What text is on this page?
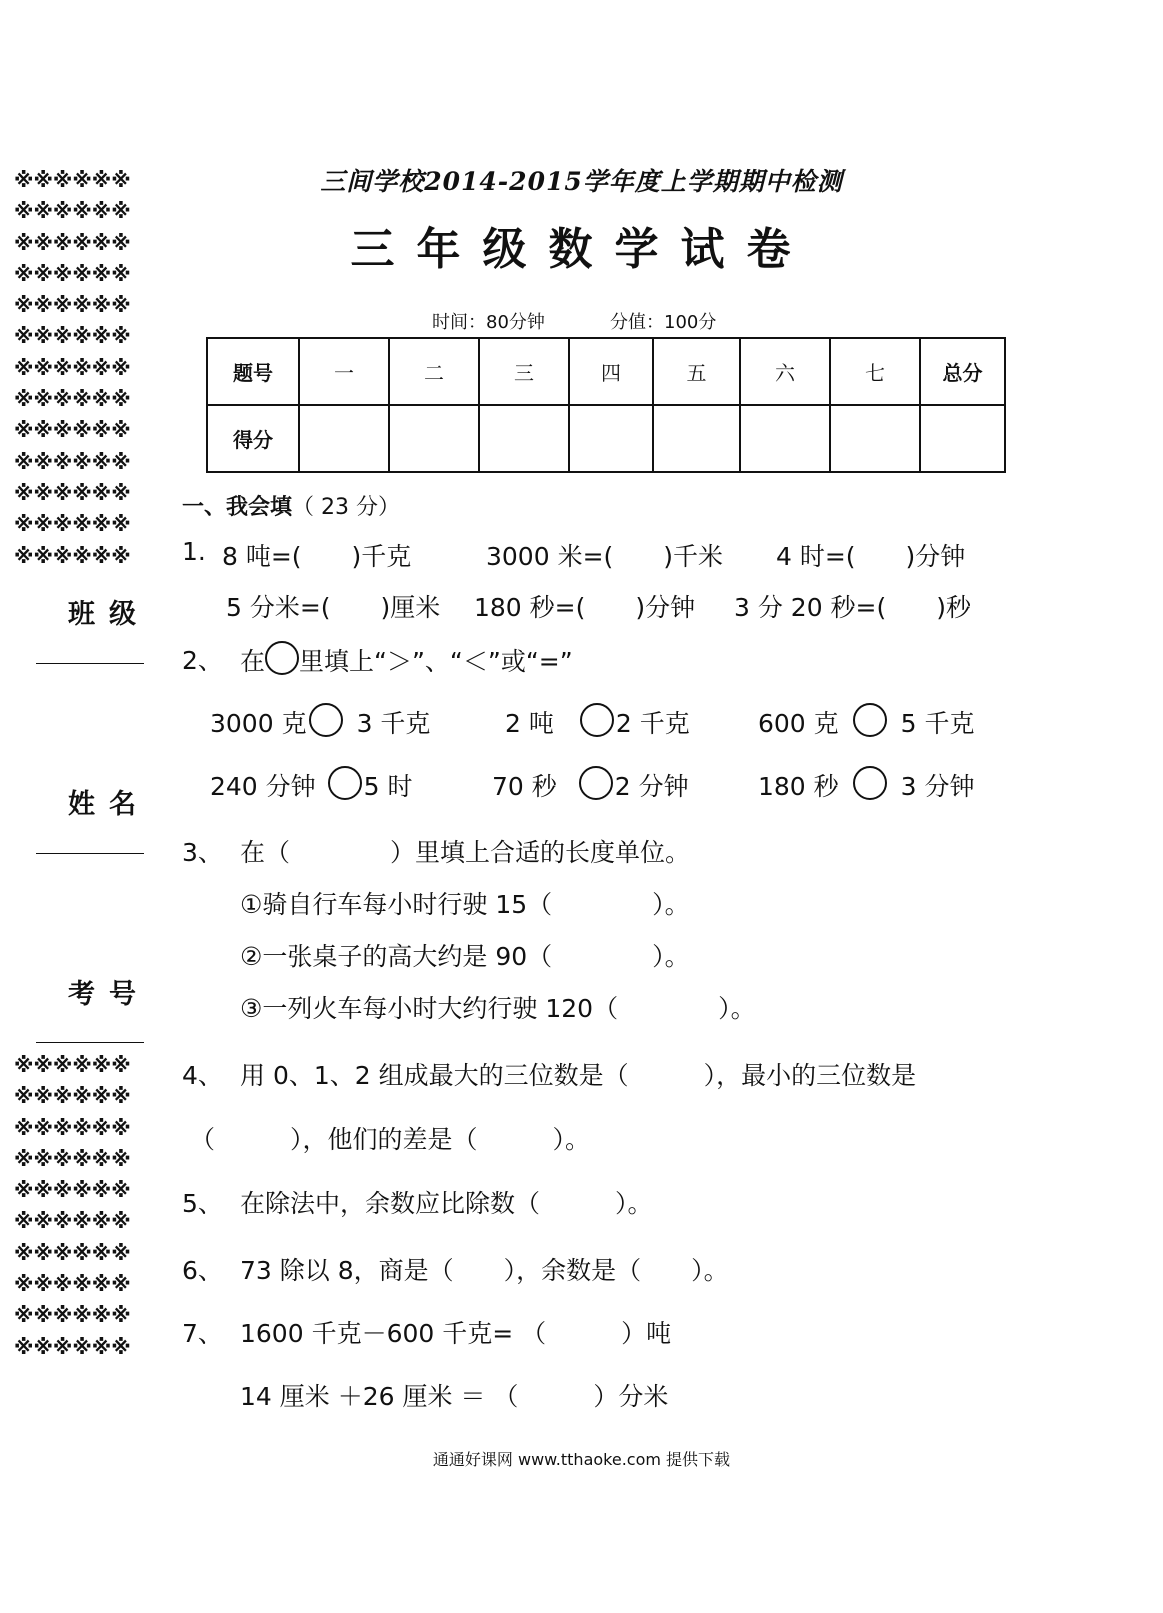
※※※※※※
※※※※※※
※※※※※※
※※※※※※
※※※※※※
※※※※※※
※※※※※※
※※※※※※
※※※※※※
※※※※※※
※※※※※※
※※※※※※
※※※※※※
班级
姓名
考号
※※※※※※
※※※※※※
※※※※※※
※※※※※※
※※※※※※
※※※※※※
※※※※※※
※※※※※※
※※※※※※
※※※※※※
三间学校2014-2015学年度上学期期中检测
三年级数学试卷
时间：80分钟	分值：100分
题号	一	二	三	四	五	六	七	总分
得分								
一、我会填（ 23 分）
1. 8 吨=(　　)千克	3000 米=(　　)千米 4 时=(　　)分钟
5 分米=(　　)厘米 180 秒=(　　)分钟 3 分 20 秒=(　　)秒
2、 在 里填上“＞”、“＜”或“=”
3000 克 3 千克	2 吨 2 千克	600 克 5 千克
240 分钟 5 时	70 秒 2 分钟	180 秒 3 分钟
3、 在（　　　　）里填上合适的长度单位。
①骑自行车每小时行驶 15（　　　　）。
②一张桌子的高大约是 90（　　　　）。
③一列火车每小时大约行驶 120（　　　　）。
4、 用 0、1、2 组成最大的三位数是（　　　），最小的三位数是
（　　　），他们的差是（　　　）。
5、 在除法中，余数应比除数（　　　）。
6、 73 除以 8，商是（　　），余数是（　　）。
7、 1600 千克－600 千克= （　　　）吨
14 厘米 ＋26 厘米 ＝ （　　　）分米
通通好课网 www.tthaoke.com 提供下载
